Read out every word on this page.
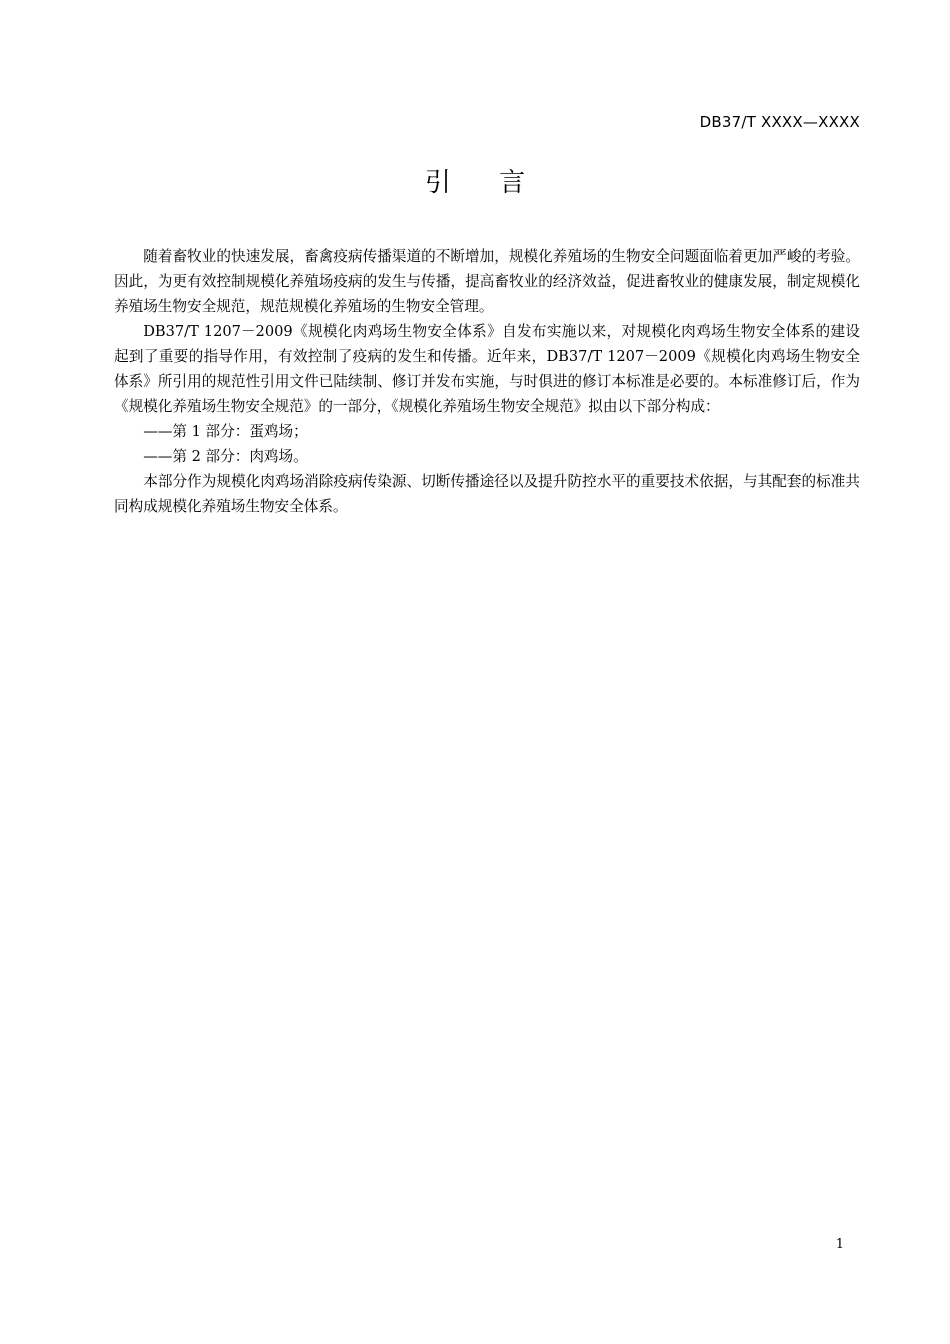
DB37/T XXXX—XXXX
引 言

随着畜牧业的快速发展，畜禽疫病传播渠道的不断增加，规模化养殖场的生物安全问题面临着更加严峻的考验。因此，为更有效控制规模化养殖场疫病的发生与传播，提高畜牧业的经济效益，促进畜牧业的健康发展，制定规模化养殖场生物安全规范，规范规模化养殖场的生物安全管理。

DB37/T 1207－2009《规模化肉鸡场生物安全体系》自发布实施以来，对规模化肉鸡场生物安全体系的建设起到了重要的指导作用，有效控制了疫病的发生和传播。近年来，DB37/T 1207－2009《规模化肉鸡场生物安全体系》所引用的规范性引用文件已陆续制、修订并发布实施，与时俱进的修订本标准是必要的。本标准修订后，作为《规模化养殖场生物安全规范》的一部分，《规模化养殖场生物安全规范》拟由以下部分构成：

——第 1 部分：蛋鸡场；

——第 2 部分：肉鸡场。

本部分作为规模化肉鸡场消除疫病传染源、切断传播途径以及提升防控水平的重要技术依据，与其配套的标准共同构成规模化养殖场生物安全体系。

1
